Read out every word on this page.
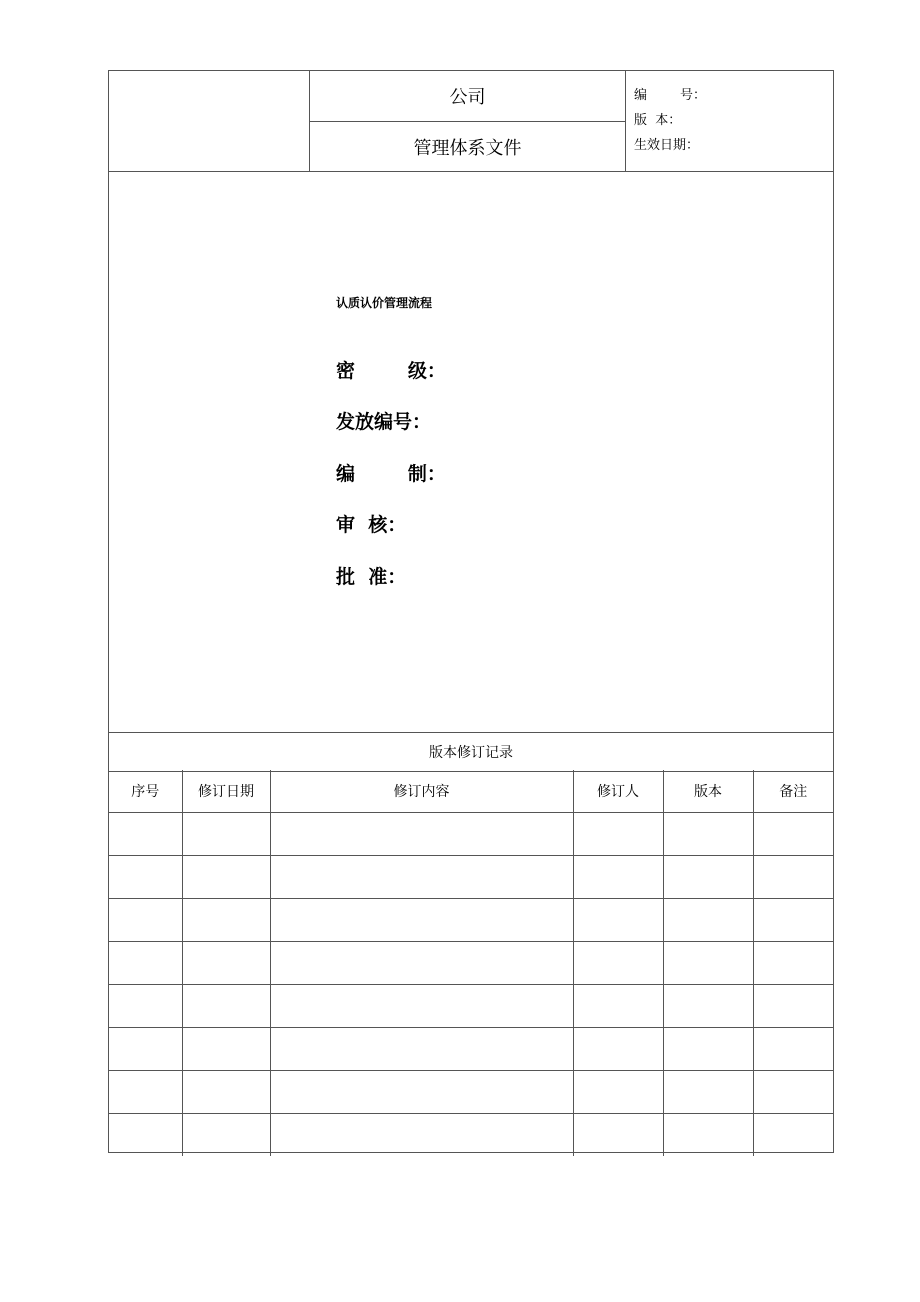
公司
管理体系文件
编        号：
版  本：
生效日期：
认质认价管理流程
密        级：
发放编号：
编        制：
审  核：
批  准：
版本修订记录
序号	修订日期	修订内容	修订人	版本	备注
